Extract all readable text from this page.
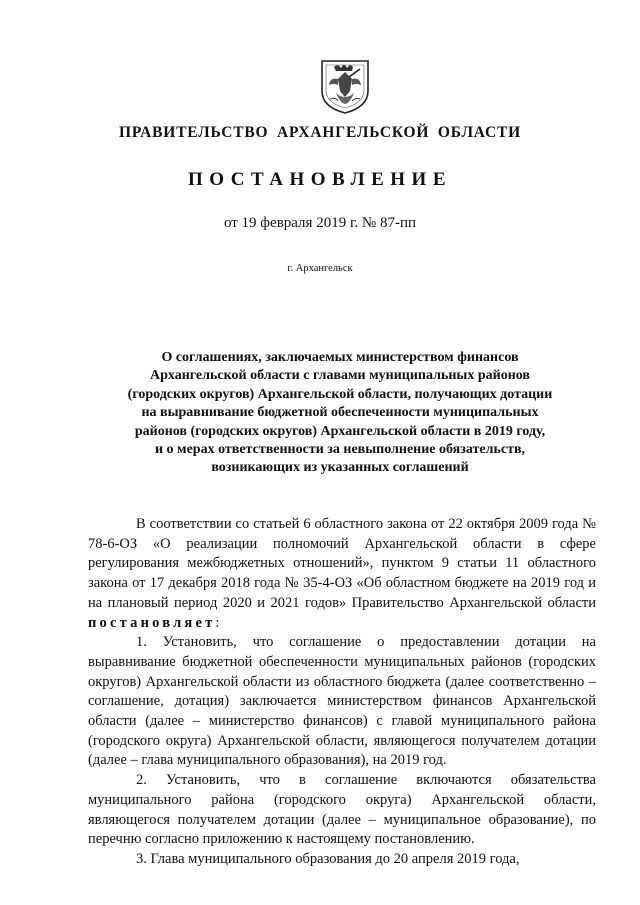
ПРАВИТЕЛЬСТВО АРХАНГЕЛЬСКОЙ ОБЛАСТИ
ПОСТАНОВЛЕНИЕ
от 19 февраля 2019 г. № 87-пп
г. Архангельск
О соглашениях, заключаемых министерством финансов
Архангельской области с главами муниципальных районов
(городских округов) Архангельской области, получающих дотации
на выравнивание бюджетной обеспеченности муниципальных
районов (городских округов) Архангельской области в 2019 году,
и о мерах ответственности за невыполнение обязательств,
возникающих из указанных соглашений

В соответствии со статьей 6 областного закона от 22 октября 2009 года № 78-6-ОЗ «О реализации полномочий Архангельской области в сфере регулирования межбюджетных отношений», пунктом 9 статьи 11 областного закона от 17 декабря 2018 года № 35-4-ОЗ «Об областном бюджете на 2019 год и на плановый период 2020 и 2021 годов» Правительство Архангельской области постановляет:

1. Установить, что соглашение о предоставлении дотации на выравнивание бюджетной обеспеченности муниципальных районов (городских округов) Архангельской области из областного бюджета (далее соответственно – соглашение, дотация) заключается министерством финансов Архангельской области (далее – министерство финансов) с главой муниципального района (городского округа) Архангельской области, являющегося получателем дотации (далее – глава муниципального образования), на 2019 год.

2. Установить, что в соглашение включаются обязательства муниципального района (городского округа) Архангельской области, являющегося получателем дотации (далее – муниципальное образование), по перечню согласно приложению к настоящему постановлению.

3. Глава муниципального образования до 20 апреля 2019 года,
